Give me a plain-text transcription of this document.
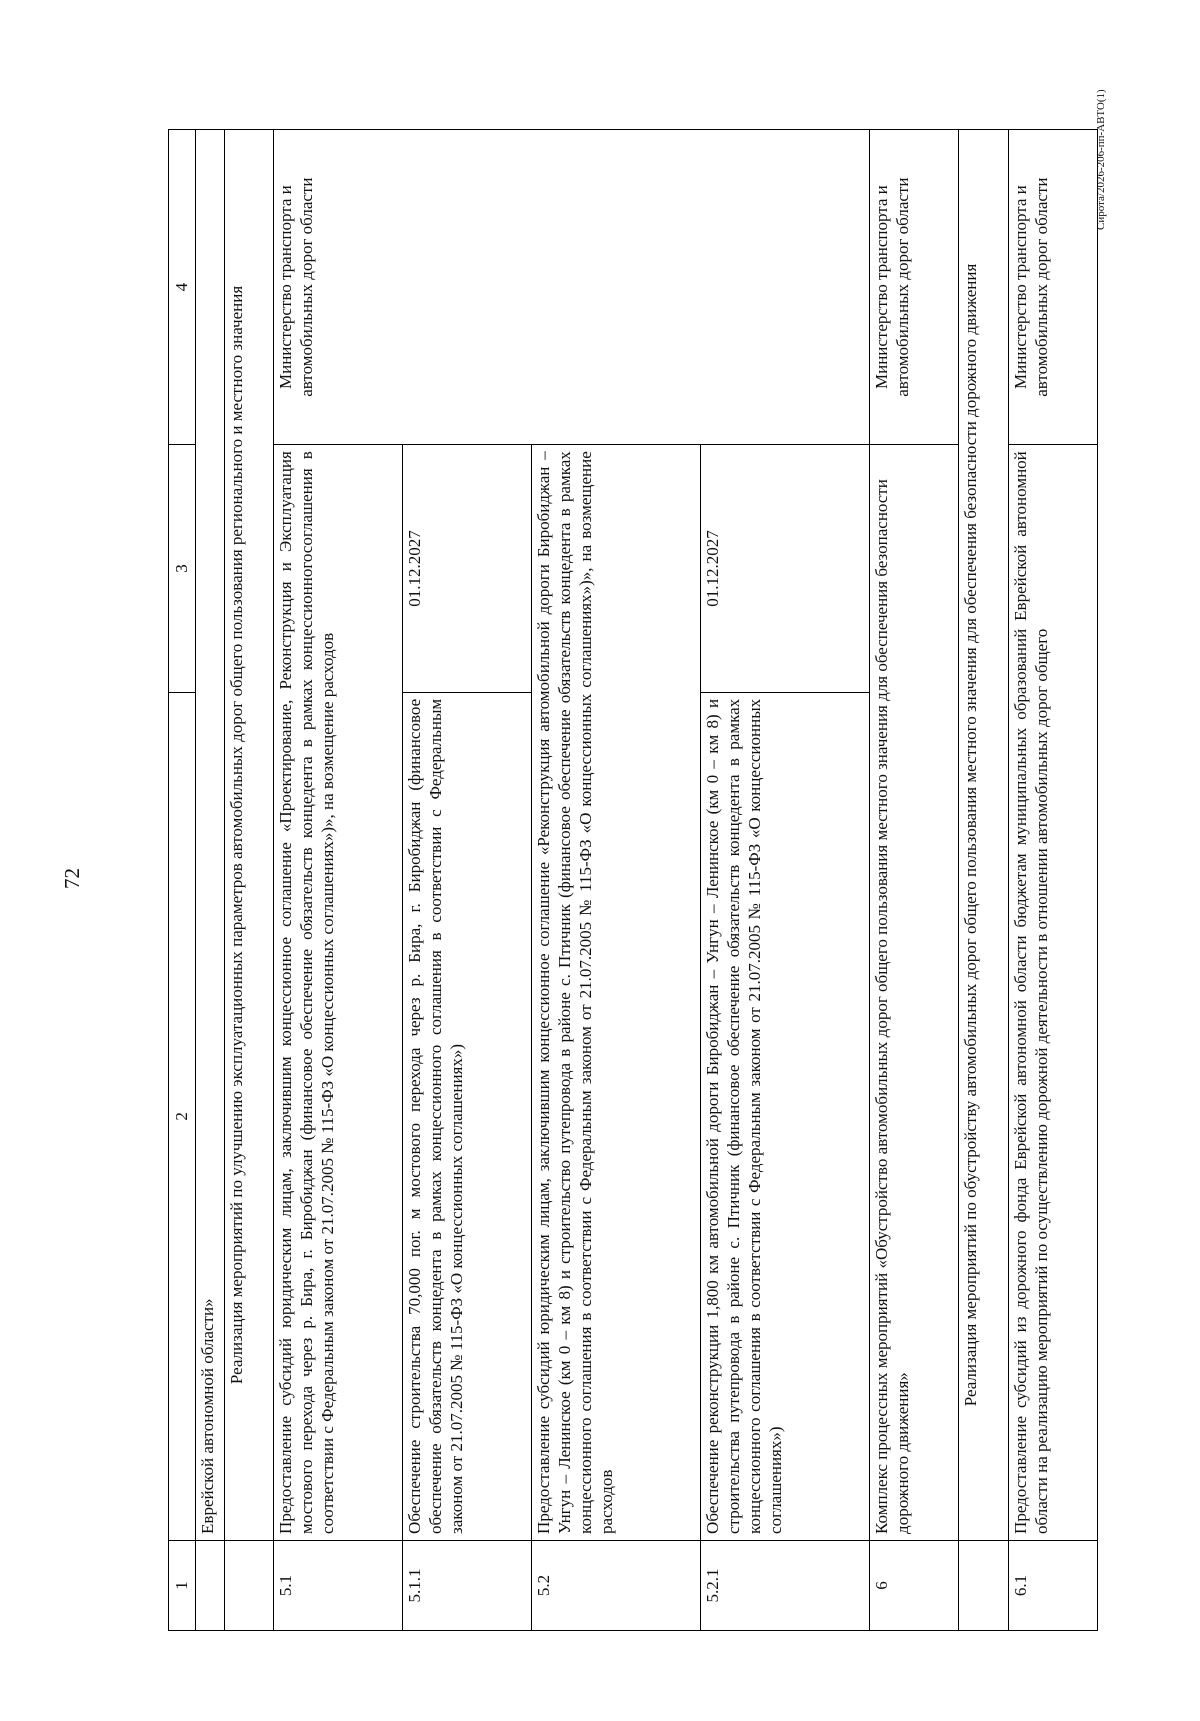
72
Сирота/2026-206-пп-АВТО(1)
1	2	3	4
	Еврейской автономной области»		
	Реализация мероприятий по улучшению эксплуатационных параметров автомобильных дорог общего пользования регионального и местного значения		
5.1	Предоставление субсидий юридическим лицам, заключившим концессионное соглашение «Проектирование, Реконструкция и Эксплуатация мостового перехода через р. Бира, г. Биробиджан (финансовое обеспечение обязательств концедента в рамках концессионногосоглашения в соответствии с Федеральным законом от 21.07.2005 № 115-ФЗ «О концессионных соглашениях»)», на возмещение расходов		Министерство транспорта и автомобильных дорог области
5.1.1	Обеспечение строительства 70,000 пог. м мостового перехода через р. Бира, г. Биробиджан (финансовое обеспечение обязательств концедента в рамках концессионного соглашения в соответствии с Федеральным законом от 21.07.2005 № 115-ФЗ «О концессионных соглашениях»)	01.12.2027	
5.2	Предоставление субсидий юридическим лицам, заключившим концессионное соглашение «Реконструкция автомобильной дороги Биробиджан – Унгун – Ленинское (км 0 – км 8) и строительство путепровода в районе с. Птичник (финансовое обеспечение обязательств концедента в рамках концессионного соглашения в соответствии с Федеральным законом от 21.07.2005 № 115-ФЗ «О концессионных соглашениях»)», на возмещение расходов		
5.2.1	Обеспечение реконструкции 1,800 км автомобильной дороги Биробиджан – Унгун – Ленинское (км 0 – км 8) и строительства путепровода в районе с. Птичник (финансовое обеспечение обязательств концедента в рамках концессионного соглашения в соответствии с Федеральным законом от 21.07.2005 № 115-ФЗ «О концессионных соглашениях»)	01.12.2027	
6	Комплекс процессных мероприятий «Обустройство автомобильных дорог общего пользования местного значения для обеспечения безопасности дорожного движения»		Министерство транспорта и автомобильных дорог области
	Реализация мероприятий по обустройству автомобильных дорог общего пользования местного значения для обеспечения безопасности дорожного движения		
6.1	Предоставление субсидий из дорожного фонда Еврейской автономной области бюджетам муниципальных образований Еврейской автономной области на реализацию мероприятий по осуществлению дорожной деятельности в отношении автомобильных дорог общего		Министерство транспорта и автомобильных дорог области
